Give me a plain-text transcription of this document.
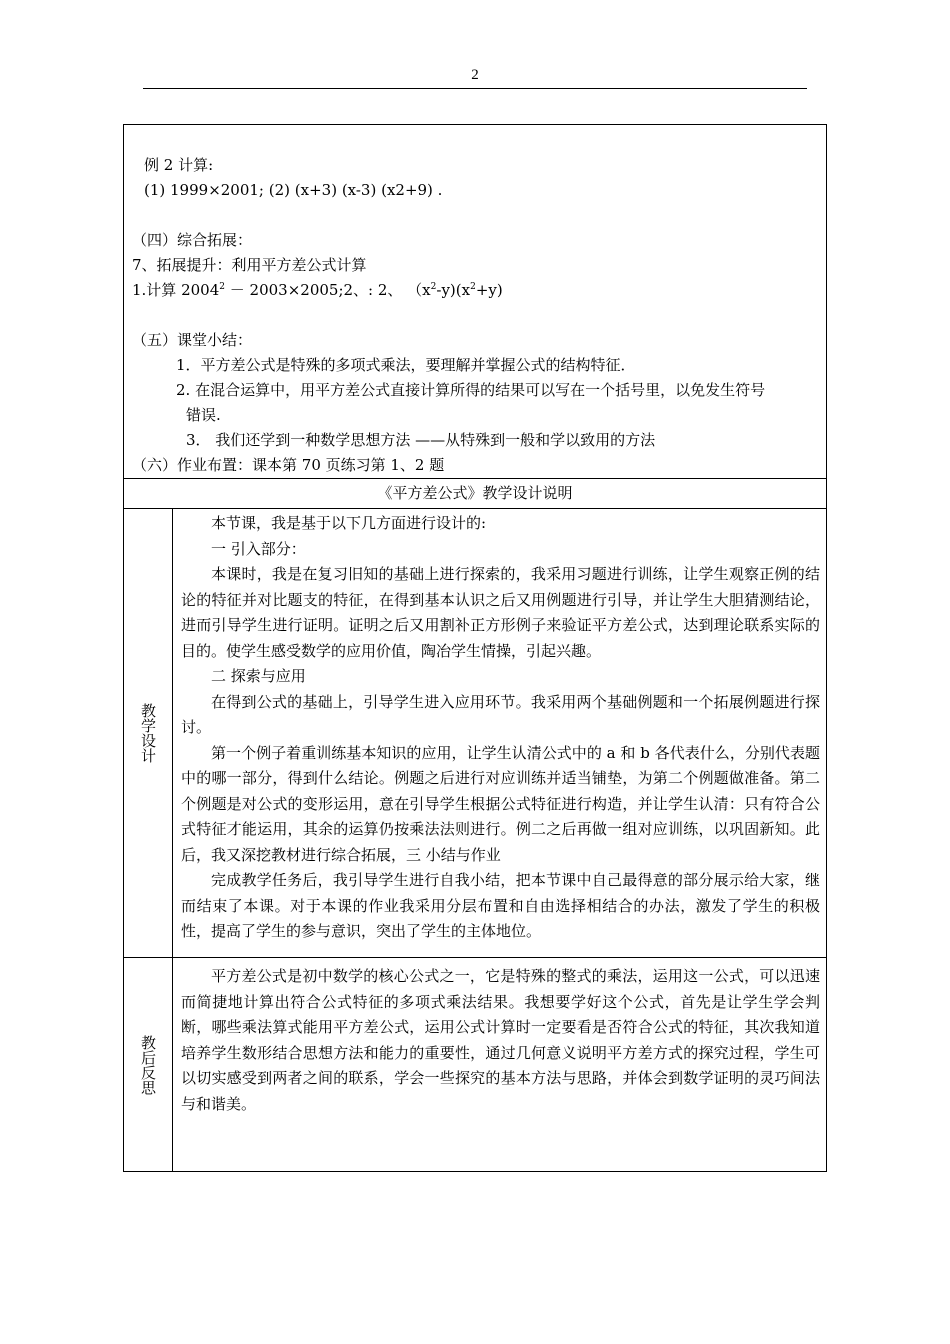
2
例 2 计算:
(1) 1999×2001; (2) (x+3) (x-3) (x2+9) .
（四）综合拓展：
7、拓展提升：利用平方差公式计算
1.计算 $2004^2$ － 2003×2005;2、: 2、 $(x^2-y)(x^2+y)$
（五）课堂小结：
1．平方差公式是特殊的多项式乘法，要理解并掌握公式的结构特征．
2. 在混合运算中，用平方差公式直接计算所得的结果可以写在一个括号里，以免发生符号
错误.
3． 我们还学到一种数学思想方法 ——从特殊到一般和学以致用的方法
（六）作业布置：课本第 70 页练习第 1、2 题
《平方差公式》教学设计说明
教学设计

本节课，我是基于以下几方面进行设计的:

一 引入部分：

本课时，我是在复习旧知的基础上进行探索的，我采用习题进行训练，让学生观察正例的结论的特征并对比题支的特征，在得到基本认识之后又用例题进行引导，并让学生大胆猜测结论，进而引导学生进行证明。证明之后又用割补正方形例子来验证平方差公式，达到理论联系实际的目的。使学生感受数学的应用价值，陶冶学生情操，引起兴趣。

二 探索与应用

在得到公式的基础上，引导学生进入应用环节。我采用两个基础例题和一个拓展例题进行探讨。

第一个例子着重训练基本知识的应用，让学生认清公式中的 a 和 b 各代表什么，分别代表题中的哪一部分，得到什么结论。例题之后进行对应训练并适当铺垫，为第二个例题做准备。第二个例题是对公式的变形运用，意在引导学生根据公式特征进行构造，并让学生认清：只有符合公式特征才能运用，其余的运算仍按乘法法则进行。例二之后再做一组对应训练，以巩固新知。此后，我又深挖教材进行综合拓展，三 小结与作业

完成教学任务后，我引导学生进行自我小结，把本节课中自己最得意的部分展示给大家，继而结束了本课。对于本课的作业我采用分层布置和自由选择相结合的办法，激发了学生的积极性，提高了学生的参与意识，突出了学生的主体地位。

教后反思

平方差公式是初中数学的核心公式之一，它是特殊的整式的乘法，运用这一公式，可以迅速而简捷地计算出符合公式特征的多项式乘法结果。我想要学好这个公式，首先是让学生学会判断，哪些乘法算式能用平方差公式，运用公式计算时一定要看是否符合公式的特征，其次我知道培养学生数形结合思想方法和能力的重要性，通过几何意义说明平方差方式的探究过程，学生可以切实感受到两者之间的联系，学会一些探究的基本方法与思路，并体会到数学证明的灵巧间法与和谐美。
